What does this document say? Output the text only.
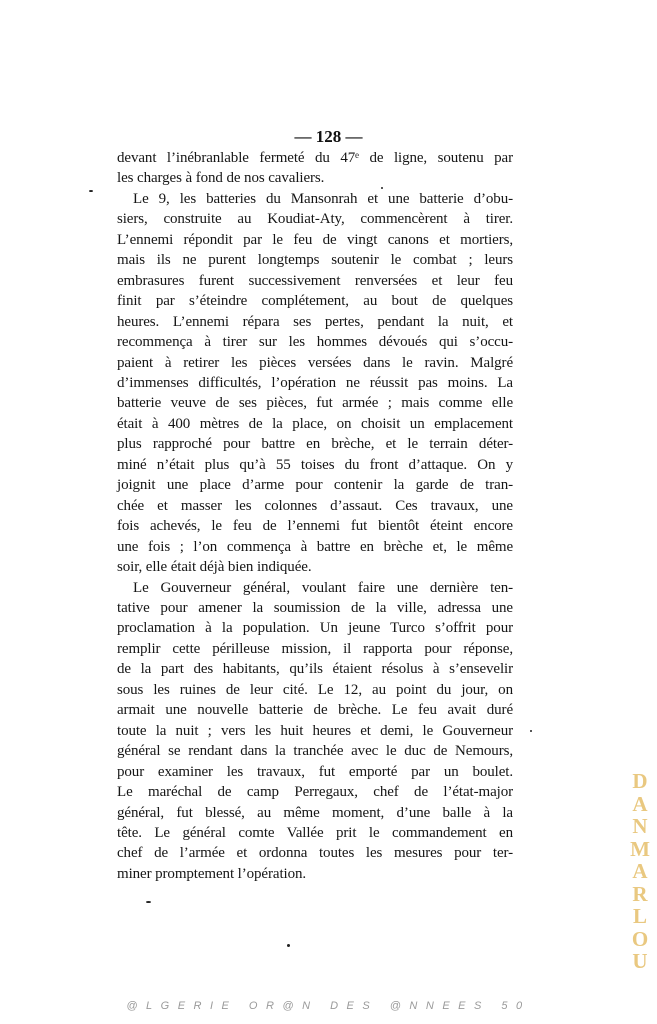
— 128 —

devant l’inébranlable fermeté du 47ᵉ de ligne, soutenu par

les charges à fond de nos cavaliers.

Le 9, les batteries du Mansonrah et une batterie d’obu-

siers, construite au Koudiat-Aty, commencèrent à tirer.

L’ennemi répondit par le feu de vingt canons et mortiers,

mais ils ne purent longtemps soutenir le combat ; leurs

embrasures furent successivement renversées et leur feu

finit par s’éteindre complétement, au bout de quelques

heures. L’ennemi répara ses pertes, pendant la nuit, et

recommença à tirer sur les hommes dévoués qui s’occu-

paient à retirer les pièces versées dans le ravin. Malgré

d’immenses difficultés, l’opération ne réussit pas moins. La

batterie veuve de ses pièces, fut armée ; mais comme elle

était à 400 mètres de la place, on choisit un emplacement

plus rapproché pour battre en brèche, et le terrain déter-

miné n’était plus qu’à 55 toises du front d’attaque. On y

joignit une place d’arme pour contenir la garde de tran-

chée et masser les colonnes d’assaut. Ces travaux, une

fois achevés, le feu de l’ennemi fut bientôt éteint encore

une fois ; l’on commença à battre en brèche et, le même

soir, elle était déjà bien indiquée.

Le Gouverneur général, voulant faire une dernière ten-

tative pour amener la soumission de la ville, adressa une

proclamation à la population. Un jeune Turco s’offrit pour

remplir cette périlleuse mission, il rapporta pour réponse,

de la part des habitants, qu’ils étaient résolus à s’ensevelir

sous les ruines de leur cité. Le 12, au point du jour, on

armait une nouvelle batterie de brèche. Le feu avait duré

toute la nuit ; vers les huit heures et demi, le Gouverneur

général se rendant dans la tranchée avec le duc de Nemours,

pour examiner les travaux, fut emporté par un boulet.

Le maréchal de camp Perregaux, chef de l’état-major

général, fut blessé, au même moment, d’une balle à la

tête. Le général comte Vallée prit le commandement en

chef de l’armée et ordonna toutes les mesures pour ter-

miner promptement l’opération.

D
A
N
M
A
R
L
O
U
@LGERIE OR@N DES @NNEES 50
